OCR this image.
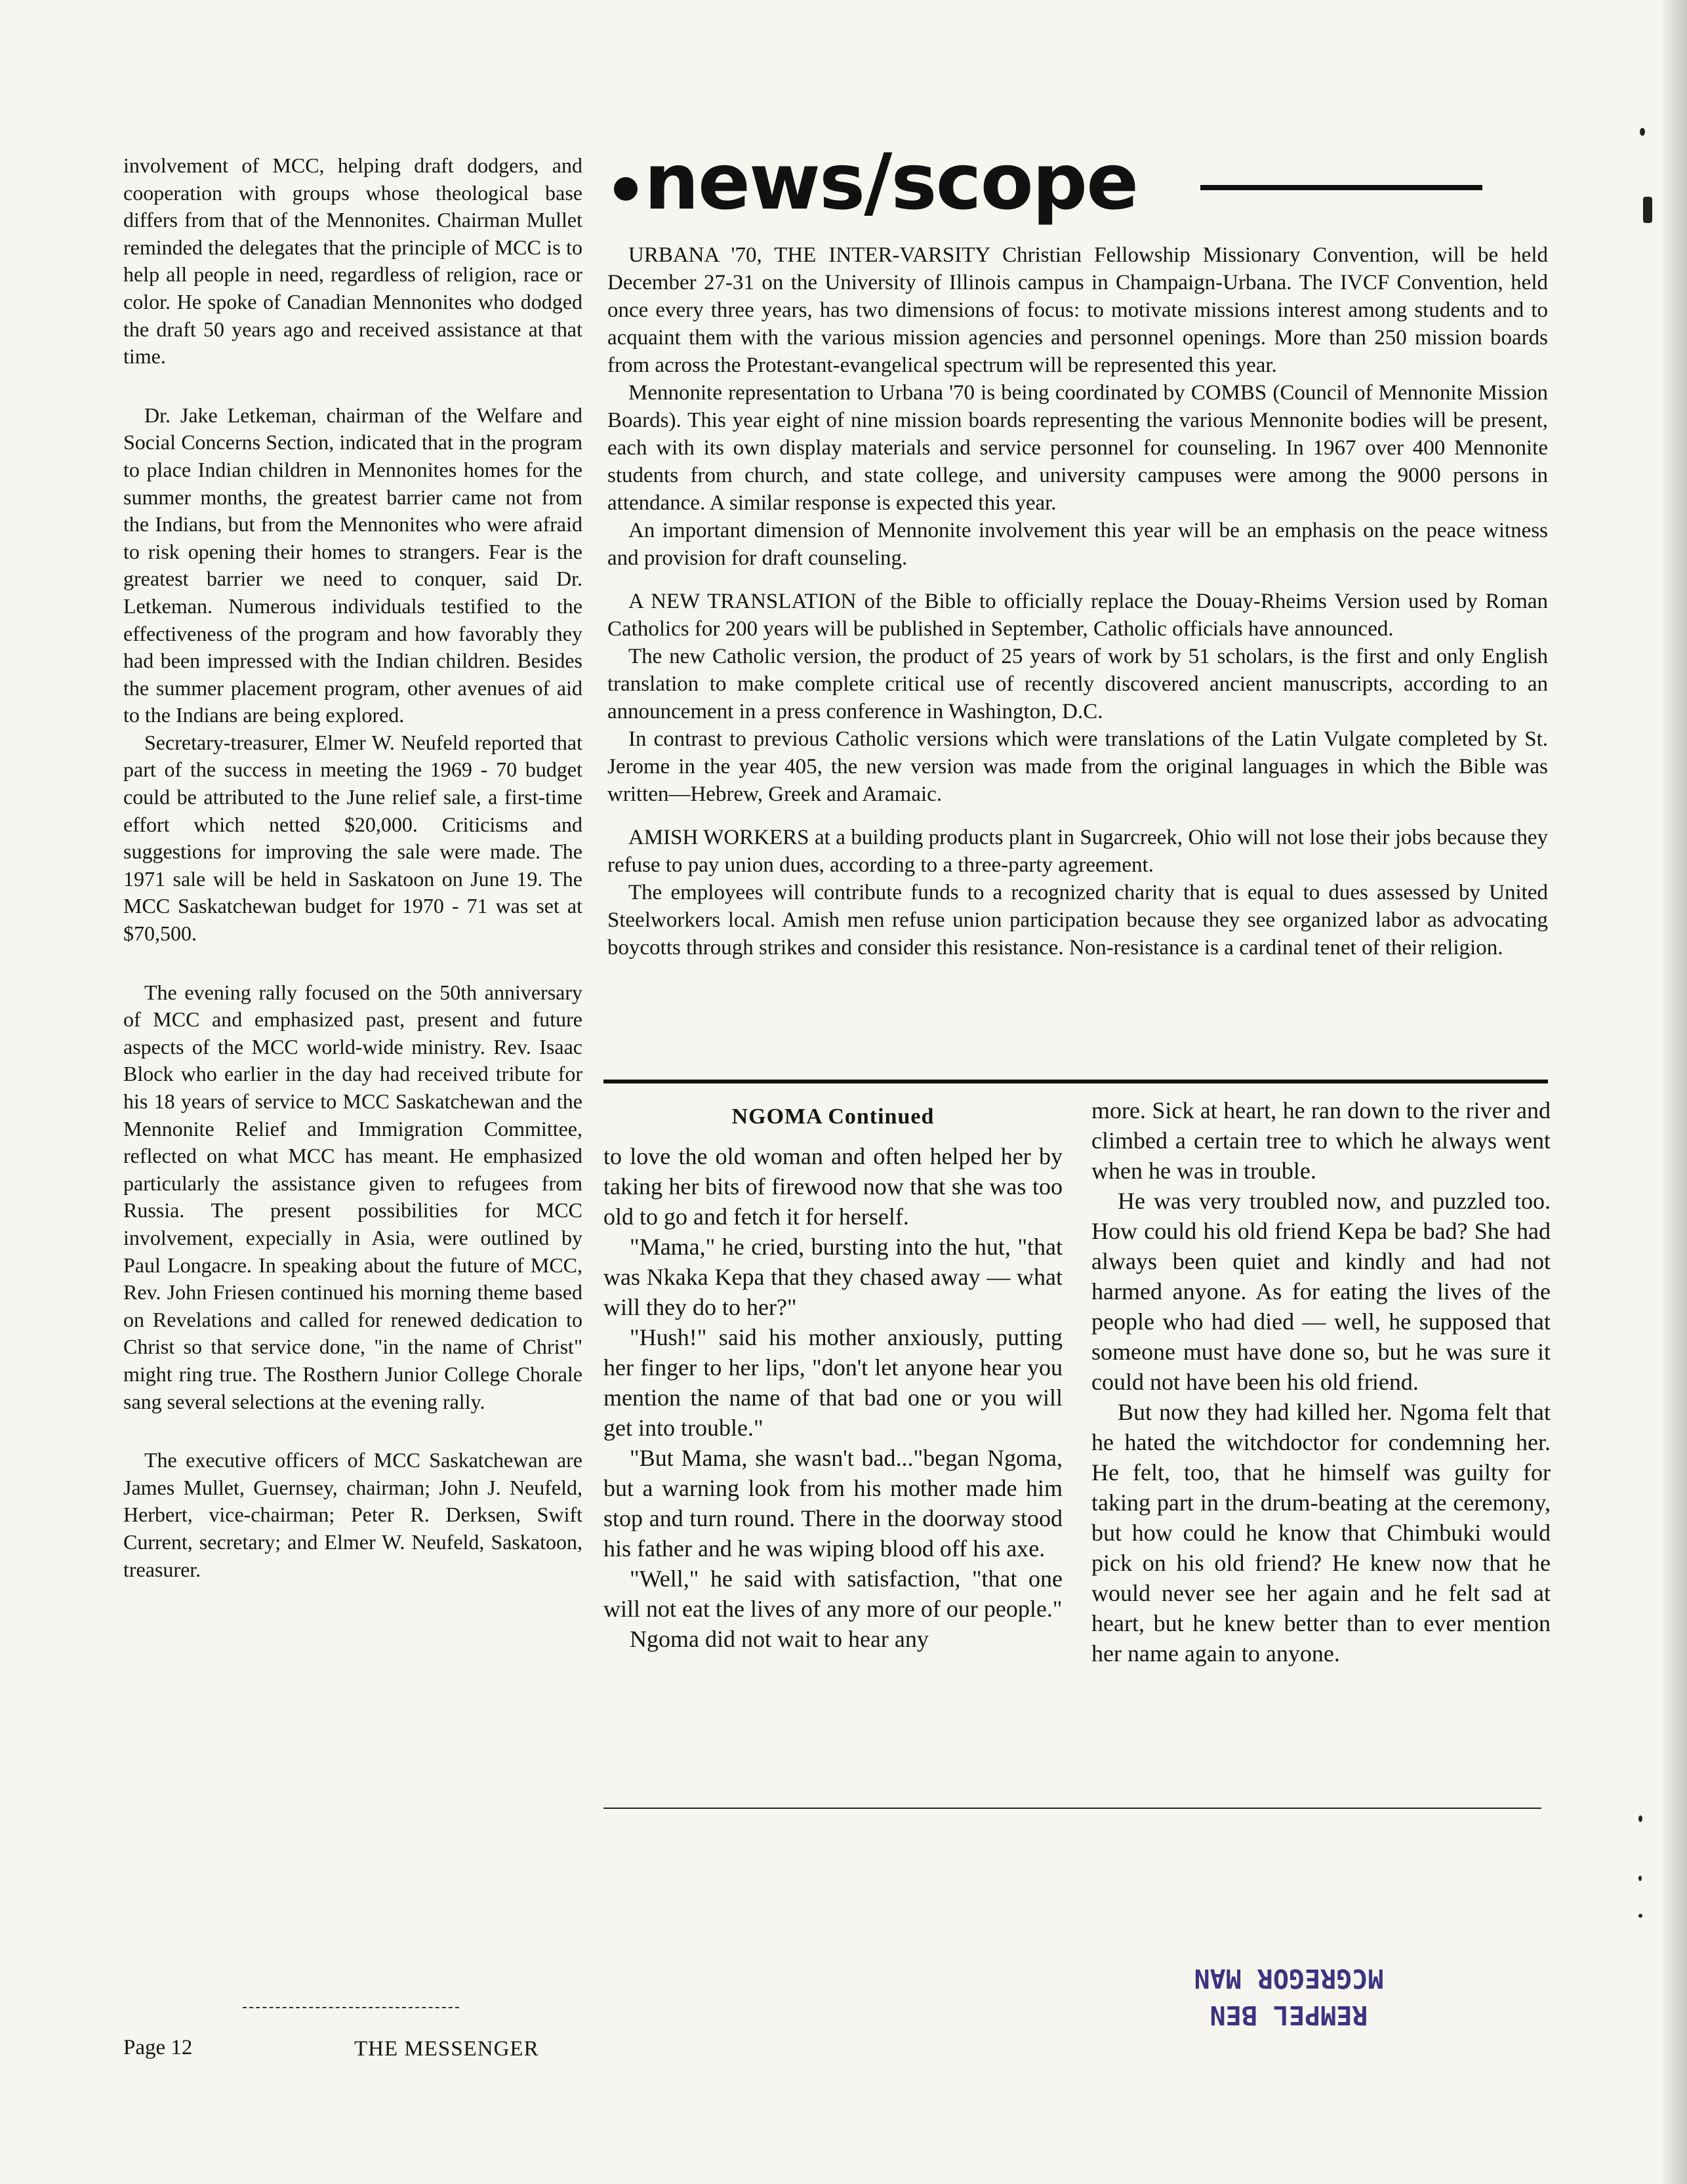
involvement of MCC, helping draft dodgers, and cooperation with groups whose theological base differs from that of the Mennonites. Chairman Mullet reminded the delegates that the principle of MCC is to help all people in need, regardless of religion, race or color. He spoke of Canadian Mennonites who dodged the draft 50 years ago and received assistance at that time.

Dr. Jake Letkeman, chairman of the Welfare and Social Concerns Section, indicated that in the program to place Indian children in Mennonites homes for the summer months, the greatest barrier came not from the Indians, but from the Mennonites who were afraid to risk opening their homes to strangers. Fear is the greatest barrier we need to conquer, said Dr. Letkeman. Numerous individuals testified to the effectiveness of the program and how favorably they had been impressed with the Indian children. Besides the summer placement program, other avenues of aid to the Indians are being explored.

Secretary-treasurer, Elmer W. Neufeld reported that part of the success in meeting the 1969 - 70 budget could be attributed to the June relief sale, a first-time effort which netted $20,000. Criticisms and suggestions for improving the sale were made. The 1971 sale will be held in Saskatoon on June 19. The MCC Saskatchewan budget for 1970 - 71 was set at $70,500.

The evening rally focused on the 50th anniversary of MCC and emphasized past, present and future aspects of the MCC world-wide ministry. Rev. Isaac Block who earlier in the day had received tribute for his 18 years of service to MCC Saskatchewan and the Mennonite Relief and Immigration Committee, reflected on what MCC has meant. He emphasized particularly the assistance given to refugees from Russia. The present possibilities for MCC involvement, expecially in Asia, were outlined by Paul Longacre. In speaking about the future of MCC, Rev. John Friesen continued his morning theme based on Revelations and called for renewed dedication to Christ so that service done, "in the name of Christ" might ring true. The Rosthern Junior College Chorale sang several selections at the evening rally.

The executive officers of MCC Saskatchewan are James Mullet, Guernsey, chairman; John J. Neufeld, Herbert, vice-chairman; Peter R. Derksen, Swift Current, secretary; and Elmer W. Neufeld, Saskatoon, treasurer.

Page 12	THE MESSENGER
news/scope

URBANA '70, THE INTER-VARSITY Christian Fellowship Missionary Convention, will be held December 27-31 on the University of Illinois campus in Champaign-Urbana. The IVCF Convention, held once every three years, has two dimensions of focus: to motivate missions interest among students and to acquaint them with the various mission agencies and personnel openings. More than 250 mission boards from across the Protestant-evangelical spectrum will be represented this year.

Mennonite representation to Urbana '70 is being coordinated by COMBS (Council of Mennonite Mission Boards). This year eight of nine mission boards representing the various Mennonite bodies will be present, each with its own display materials and service personnel for counseling. In 1967 over 400 Mennonite students from church, and state college, and university campuses were among the 9000 persons in attendance. A similar response is expected this year.

An important dimension of Mennonite involvement this year will be an emphasis on the peace witness and provision for draft counseling.

A NEW TRANSLATION of the Bible to officially replace the Douay-Rheims Version used by Roman Catholics for 200 years will be published in September, Catholic officials have announced.

The new Catholic version, the product of 25 years of work by 51 scholars, is the first and only English translation to make complete critical use of recently discovered ancient manuscripts, according to an announcement in a press conference in Washington, D.C.

In contrast to previous Catholic versions which were translations of the Latin Vulgate completed by St. Jerome in the year 405, the new version was made from the original languages in which the Bible was written—Hebrew, Greek and Aramaic.

AMISH WORKERS at a building products plant in Sugarcreek, Ohio will not lose their jobs because they refuse to pay union dues, according to a three-party agreement.

The employees will contribute funds to a recognized charity that is equal to dues assessed by United Steelworkers local. Amish men refuse union participation because they see organized labor as advocating boycotts through strikes and consider this resistance. Non-resistance is a cardinal tenet of their religion.

NGOMA Continued

to love the old woman and often helped her by taking her bits of firewood now that she was too old to go and fetch it for herself.

"Mama," he cried, bursting into the hut, "that was Nkaka Kepa that they chased away — what will they do to her?"

"Hush!" said his mother anxiously, putting her finger to her lips, "don't let anyone hear you mention the name of that bad one or you will get into trouble."

"But Mama, she wasn't bad..."began Ngoma, but a warning look from his mother made him stop and turn round. There in the doorway stood his father and he was wiping blood off his axe.

"Well," he said with satisfaction, "that one will not eat the lives of any more of our people."

Ngoma did not wait to hear any

more. Sick at heart, he ran down to the river and climbed a certain tree to which he always went when he was in trouble.

He was very troubled now, and puzzled too. How could his old friend Kepa be bad? She had always been quiet and kindly and had not harmed anyone. As for eating the lives of the people who had died — well, he supposed that someone must have done so, but he was sure it could not have been his old friend.

But now they had killed her. Ngoma felt that he hated the witchdoctor for condemning her. He felt, too, that he himself was guilty for taking part in the drum-beating at the ceremony, but how could he know that Chimbuki would pick on his old friend? He knew now that he would never see her again and he felt sad at heart, but he knew better than to ever mention her name again to anyone.

REMPEL BEN
MCGREGOR MAN
